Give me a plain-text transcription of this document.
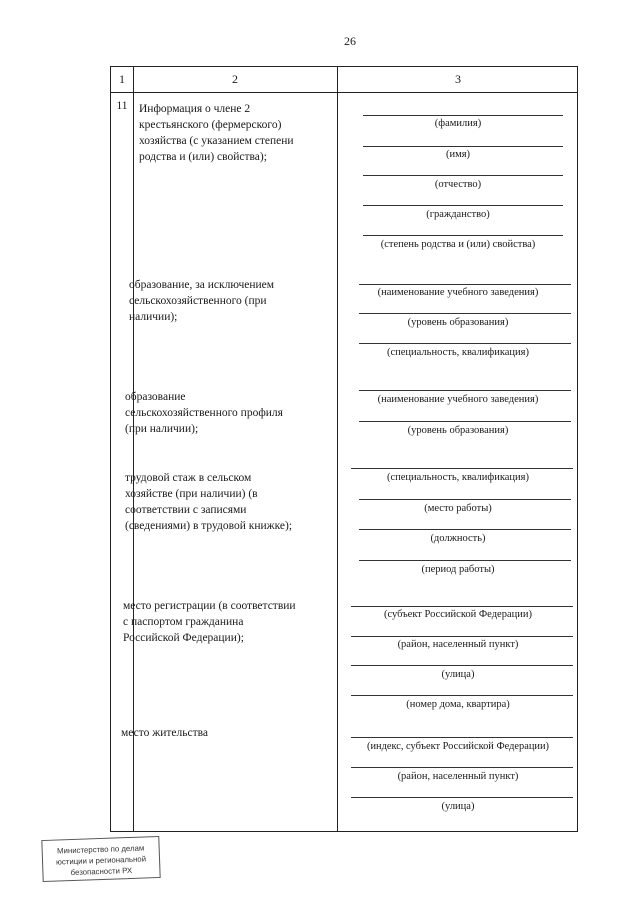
26
1	2	3
11 Информация о члене 2
крестьянского (фермерского)
хозяйства (с указанием степени
родства и (или) свойства);
(фамилия)
(имя)
(отчество)
(гражданство)
(степень родства и (или) свойства)
образование, за исключением
сельскохозяйственного (при
наличии);
(наименование учебного заведения)
(уровень образования)
(специальность, квалификация)
образование
сельскохозяйственного профиля
(при наличии);
(наименование учебного заведения)
(уровень образования)
трудовой стаж в сельском
хозяйстве (при наличии) (в
соответствии с записями
(сведениями) в трудовой книжке);
(специальность, квалификация)
(место работы)
(должность)
(период работы)
место регистрации (в соответствии
с паспортом гражданина
Российской Федерации);
(субъект Российской Федерации)
(район, населенный пункт)
(улица)
(номер дома, квартира)
место жительства
(индекс, субъект Российской Федерации)
(район, населенный пункт)
(улица)
Министерство по делам
юстиции и региональной
безопасности РХ
